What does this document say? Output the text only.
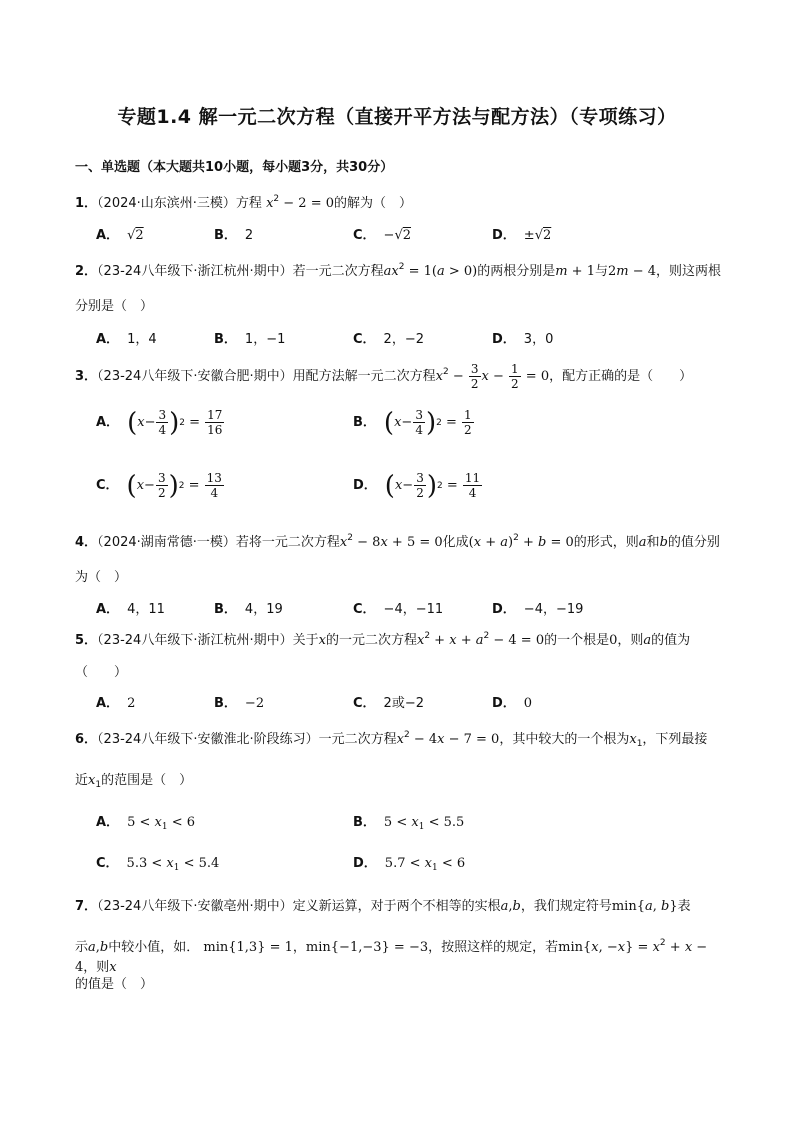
专题1.4 解一元二次方程（直接开平方法与配方法）（专项练习）
一、单选题（本大题共10小题，每小题3分，共30分）
1．（2024·山东滨州·三模）方程 $x^2 - 2 = 0$的解为（　）
A． √2	B． 2	C． −√2	D． ±√2
2．（23-24八年级下·浙江杭州·期中）若一元二次方程$ax^2 = 1(a > 0)$的两根分别是m + 1与2m − 4，则这两根
分别是（　）
A． 1，4	B． 1，−1	C． 2，−2	D． 3，0
3．（23-24八年级下·安徽合肥·期中）用配方法解一元二次方程$x^2 - \frac{3}{2}$ $x - \frac{1}{2} = 0$，配方正确的是（　　）
A． ( $x - \frac{3}{4}$ ) $2 = \frac{17}{16}$	B． ( $x - \frac{3}{4}$ ) $2 = \frac{1}{2}$
C． ( $x - \frac{3}{2}$ ) $2 = \frac{13}{4}$	D． ( $x - \frac{3}{2}$ ) $2 = \frac{11}{4}$
4．（2024·湖南常德·一模）若将一元二次方程$x^2 - 8x + 5 = 0$化成$(x + a)^2 + b = 0$的形式，则a和b的值分别
为（　）
A． 4，11	B． 4，19	C． −4，−11	D． −4，−19
5．（23-24八年级下·浙江杭州·期中）关于x的一元二次方程$x^2 + x + a^2 - 4 = 0$的一个根是0，则a的值为
（　　）
A． 2	B． −2	C． 2或−2	D． 0
6．（23-24八年级下·安徽淮北·阶段练习）一元二次方程$x^2 - 4x - 7 = 0$，其中较大的一个根为$x_1$，下列最接
近$x_1$的范围是（　）
A． $5 < x_1 < 6$	B． $5 < x_1 < 5.5$
C． $5.3 < x_1 < 5.4$	D． $5.7 < x_1 < 6$
7．（23-24八年级下·安徽亳州·期中）定义新运算，对于两个不相等的实根a,b，我们规定符号min{a, b}表
示a,b中较小值，如． min{1,3} = 1，min{−1,−3} = −3，按照这样的规定，若min{x, $-x\} = x^2 + x - 4$，则x
的值是（　）
